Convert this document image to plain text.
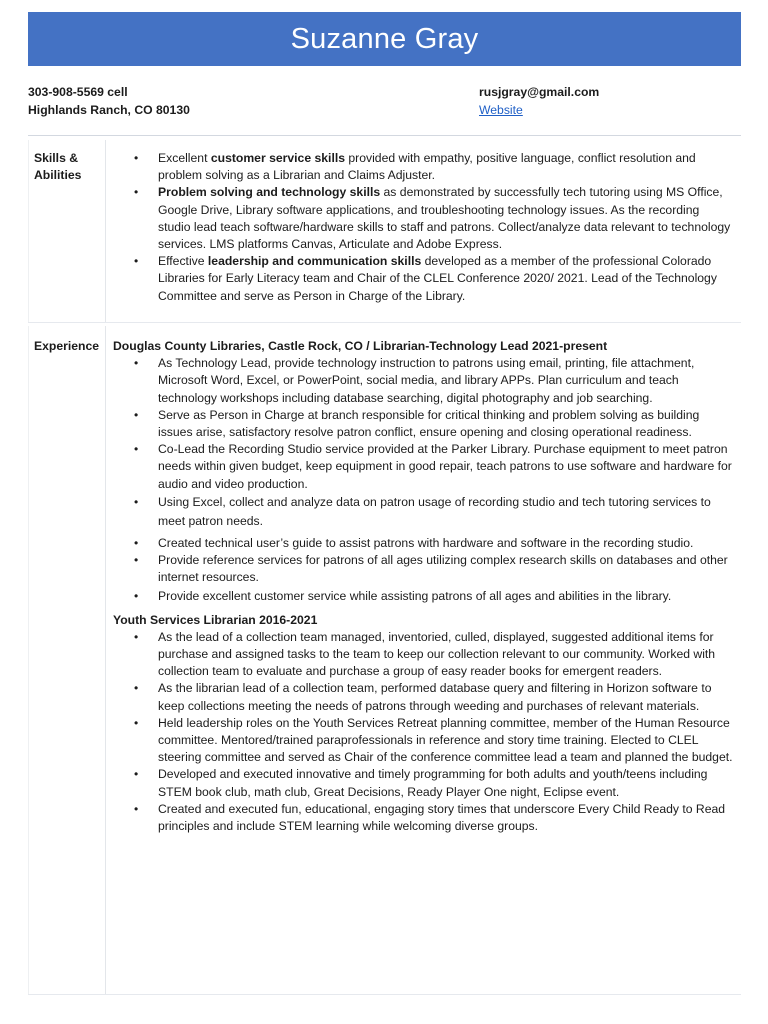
Suzanne Gray
303-908-5569 cell
Highlands Ranch, CO 80130
rusjgray@gmail.com
Website
Skills &
Abilities
• Excellent customer service skills provided with empathy, positive language, conflict resolution and problem solving as a Librarian and Claims Adjuster.
• Problem solving and technology skills as demonstrated by successfully tech tutoring using MS Office, Google Drive, Library software applications, and troubleshooting technology issues. As the recording studio lead teach software/hardware skills to staff and patrons. Collect/analyze data relevant to technology services. LMS platforms Canvas, Articulate and Adobe Express.
• Effective leadership and communication skills developed as a member of the professional Colorado Libraries for Early Literacy team and Chair of the CLEL Conference 2020/ 2021. Lead of the Technology Committee and serve as Person in Charge of the Library.
Experience Douglas County Libraries, Castle Rock, CO / Librarian-Technology Lead 2021-present
• As Technology Lead, provide technology instruction to patrons using email, printing, file attachment, Microsoft Word, Excel, or PowerPoint, social media, and library APPs. Plan curriculum and teach technology workshops including database searching, digital photography and job searching.
• Serve as Person in Charge at branch responsible for critical thinking and problem solving as building issues arise, satisfactory resolve patron conflict, ensure opening and closing operational readiness.
• Co-Lead the Recording Studio service provided at the Parker Library. Purchase equipment to meet patron needs within given budget, keep equipment in good repair, teach patrons to use software and hardware for audio and video production.
• Using Excel, collect and analyze data on patron usage of recording studio and tech tutoring services to meet patron needs.
• Created technical user’s guide to assist patrons with hardware and software in the recording studio.
• Provide reference services for patrons of all ages utilizing complex research skills on databases and other internet resources.
• Provide excellent customer service while assisting patrons of all ages and abilities in the library.
Youth Services Librarian 2016-2021
• As the lead of a collection team managed, inventoried, culled, displayed, suggested additional items for purchase and assigned tasks to the team to keep our collection relevant to our community. Worked with collection team to evaluate and purchase a group of easy reader books for emergent readers.
• As the librarian lead of a collection team, performed database query and filtering in Horizon software to keep collections meeting the needs of patrons through weeding and purchases of relevant materials.
• Held leadership roles on the Youth Services Retreat planning committee, member of the Human Resource committee. Mentored/trained paraprofessionals in reference and story time training. Elected to CLEL steering committee and served as Chair of the conference committee lead a team and planned the budget.
• Developed and executed innovative and timely programming for both adults and youth/teens including STEM book club, math club, Great Decisions, Ready Player One night, Eclipse event.
• Created and executed fun, educational, engaging story times that underscore Every Child Ready to Read principles and include STEM learning while welcoming diverse groups.
